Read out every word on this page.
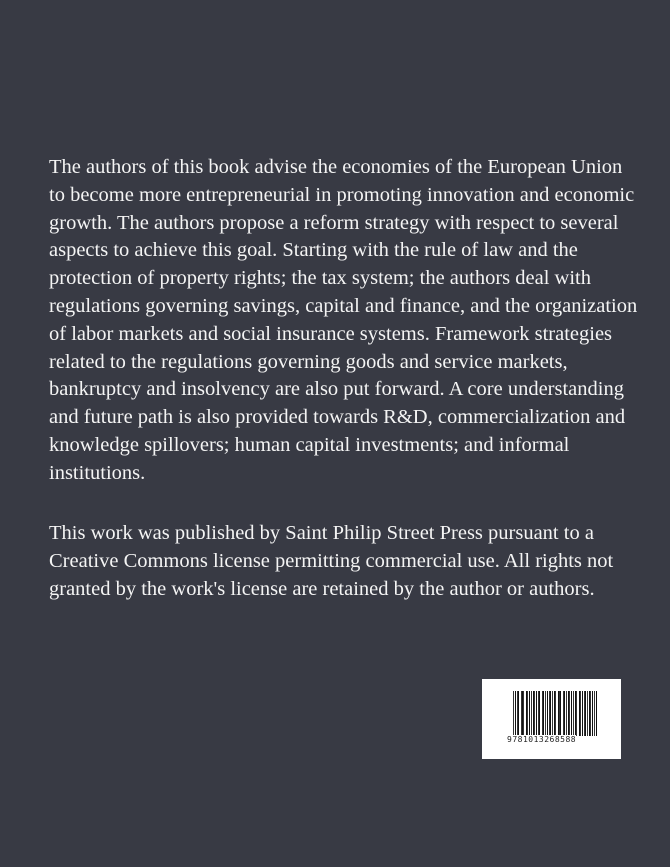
The authors of this book advise the economies of the European Union to become more entrepreneurial in promoting innovation and economic growth. The authors propose a reform strategy with respect to several aspects to achieve this goal. Starting with the rule of law and the protection of property rights; the tax system; the authors deal with regulations governing savings, capital and finance, and the organization of labor markets and social insurance systems. Framework strategies related to the regulations governing goods and service markets, bankruptcy and insolvency are also put forward. A core understanding and future path is also provided towards R&D, commercialization and knowledge spillovers; human capital investments; and informal institutions.
This work was published by Saint Philip Street Press pursuant to a Creative Commons license permitting commercial use. All rights not granted by the work's license are retained by the author or authors.
9781013268588
